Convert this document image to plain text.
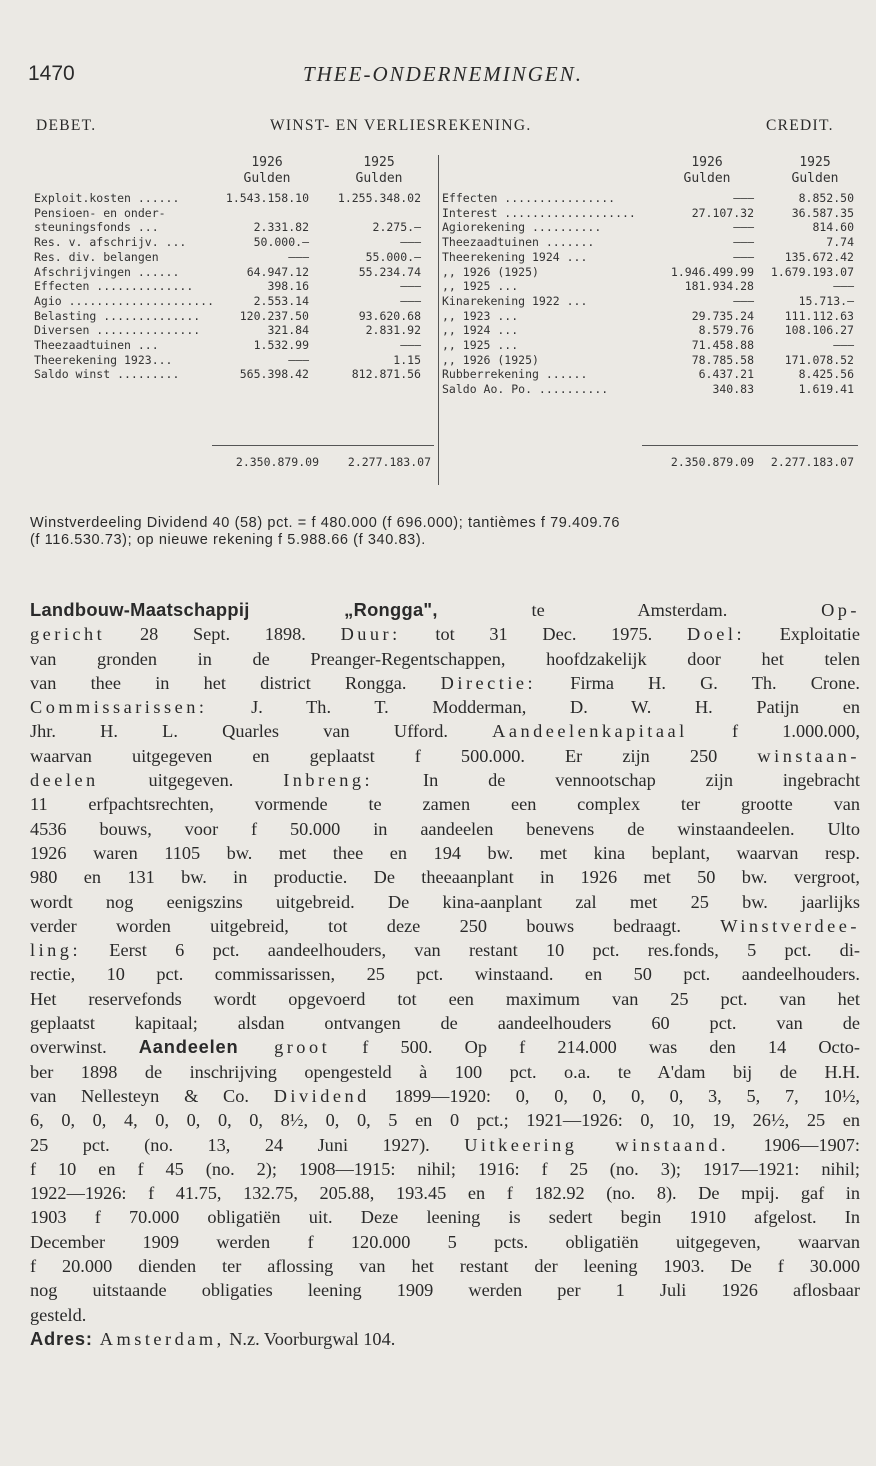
1470	THEE-ONDERNEMINGEN.
DEBET.	WINST- EN VERLIESREKENING.	CREDIT.
1926
Gulden
1925
Gulden
Exploit.kosten ......	1.543.158.10	1.255.348.02
Pensioen- en onder-
steuningsfonds ...	2.331.82	2.275.—
Res. v. afschrijv. ...	50.000.—	———
Res. div. belangen	———	55.000.—
Afschrijvingen ......	64.947.12	55.234.74
Effecten ..............	398.16	———
Agio .....................	2.553.14	———
Belasting ..............	120.237.50	93.620.68
Diversen ...............	321.84	2.831.92
Theezaadtuinen ...	1.532.99	———
Theerekening 1923...	———	1.15
Saldo winst .........	565.398.42	812.871.56
2.350.879.09	2.277.183.07
1926
Gulden
1925
Gulden
Effecten ................	———	8.852.50
Interest ...................	27.107.32	36.587.35
Agiorekening ..........	———	814.60
Theezaadtuinen .......	———	7.74
Theerekening 1924 ...	———	135.672.42
,, 1926 (1925)	1.946.499.99	1.679.193.07
,, 1925 ...	181.934.28	———
Kinarekening 1922 ...	———	15.713.—
,, 1923 ...	29.735.24	111.112.63
,, 1924 ...	8.579.76	108.106.27
,, 1925 ...	71.458.88	———
,, 1926 (1925)	78.785.58	171.078.52
Rubberrekening ......	6.437.21	8.425.56
Saldo Ao. Po. ..........	340.83	1.619.41
2.350.879.09	2.277.183.07
Winstverdeeling Dividend 40 (58) pct. = f 480.000 (f 696.000); tantièmes f 79.409.76
(f 116.530.73); op nieuwe rekening f 5.988.66 (f 340.83).
Landbouw-Maatschappij „Rongga", te Amsterdam. Op-
gericht 28 Sept. 1898. Duur: tot 31 Dec. 1975. Doel: Exploitatie
van gronden in de Preanger-Regentschappen, hoofdzakelijk door het telen
van thee in het district Rongga. Directie: Firma H. G. Th. Crone.
Commissarissen: J. Th. T. Modderman, D. W. H. Patijn en
Jhr. H. L. Quarles van Ufford. Aandeelenkapitaal f 1.000.000,
waarvan uitgegeven en geplaatst f 500.000. Er zijn 250 winstaan-
deelen uitgegeven. Inbreng: In de vennootschap zijn ingebracht
11 erfpachtsrechten, vormende te zamen een complex ter grootte van
4536 bouws, voor f 50.000 in aandeelen benevens de winstaandeelen. Ulto
1926 waren 1105 bw. met thee en 194 bw. met kina beplant, waarvan resp.
980 en 131 bw. in productie. De theeaanplant in 1926 met 50 bw. vergroot,
wordt nog eenigszins uitgebreid. De kina-aanplant zal met 25 bw. jaarlijks
verder worden uitgebreid, tot deze 250 bouws bedraagt. Winstverdee-
ling: Eerst 6 pct. aandeelhouders, van restant 10 pct. res.fonds, 5 pct. di-
rectie, 10 pct. commissarissen, 25 pct. winstaand. en 50 pct. aandeelhouders.
Het reservefonds wordt opgevoerd tot een maximum van 25 pct. van het
geplaatst kapitaal; alsdan ontvangen de aandeelhouders 60 pct. van de
overwinst. Aandeelen groot f 500. Op f 214.000 was den 14 Octo-
ber 1898 de inschrijving opengesteld à 100 pct. o.a. te A'dam bij de H.H.
van Nellesteyn & Co. Dividend 1899—1920: 0, 0, 0, 0, 0, 3, 5, 7, 10½,
6, 0, 0, 4, 0, 0, 0, 0, 8½, 0, 0, 5 en 0 pct.; 1921—1926: 0, 10, 19, 26½, 25 en
25 pct. (no. 13, 24 Juni 1927). Uitkeering winstaand. 1906—1907:
f 10 en f 45 (no. 2); 1908—1915: nihil; 1916: f 25 (no. 3); 1917—1921: nihil;
1922—1926: f 41.75, 132.75, 205.88, 193.45 en f 182.92 (no. 8). De mpij. gaf in
1903 f 70.000 obligatiën uit. Deze leening is sedert begin 1910 afgelost. In
December 1909 werden f 120.000 5 pcts. obligatiën uitgegeven, waarvan
f 20.000 dienden ter aflossing van het restant der leening 1903. De f 30.000
nog uitstaande obligaties leening 1909 werden per 1 Juli 1926 aflosbaar
gesteld.
Adres: Amsterdam, N.z. Voorburgwal 104.
